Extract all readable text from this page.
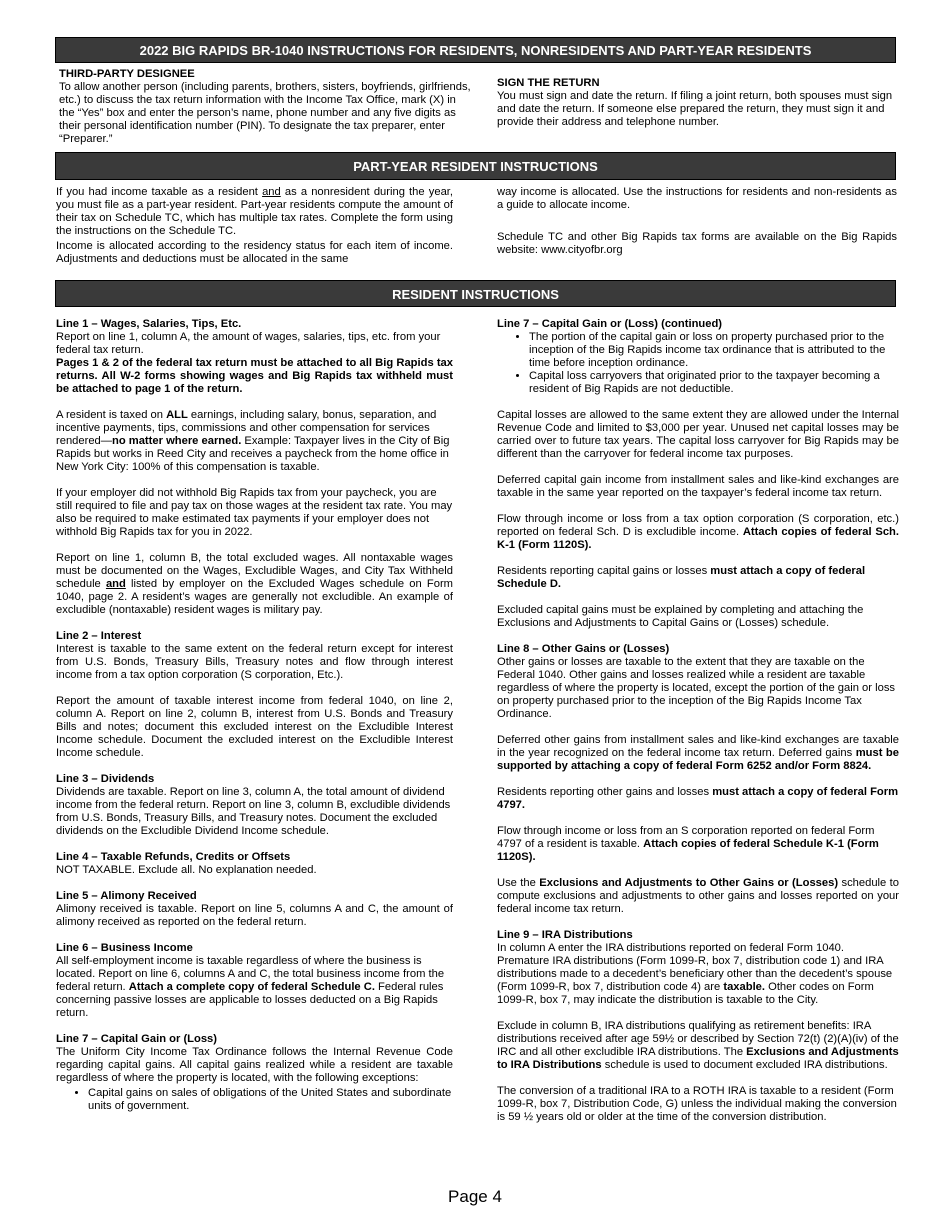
2022 BIG RAPIDS BR-1040 INSTRUCTIONS FOR RESIDENTS, NONRESIDENTS AND PART-YEAR RESIDENTS

THIRD-PARTY DESIGNEE

To allow another person (including parents, brothers, sisters, boyfriends, girlfriends, etc.) to discuss the tax return information with the Income Tax Office, mark (X) in the “Yes” box and enter the person’s name, phone number and any five digits as their personal identification number (PIN). To designate the tax preparer, enter “Preparer.”

SIGN THE RETURN

You must sign and date the return. If filing a joint return, both spouses must sign and date the return. If someone else prepared the return, they must sign it and provide their address and telephone number.

PART-YEAR RESIDENT INSTRUCTIONS

If you had income taxable as a resident and as a nonresident during the year, you must file as a part-year resident. Part-year residents compute the amount of their tax on Schedule TC, which has multiple tax rates. Complete the form using the instructions on the Schedule TC.

Income is allocated according to the residency status for each item of income. Adjustments and deductions must be allocated in the same

way income is allocated. Use the instructions for residents and non-residents as a guide to allocate income.

Schedule TC and other Big Rapids tax forms are available on the Big Rapids website: www.cityofbr.org

RESIDENT INSTRUCTIONS

Line 1 – Wages, Salaries, Tips, Etc.

Report on line 1, column A, the amount of wages, salaries, tips, etc. from your federal tax return.

Pages 1 & 2 of the federal tax return must be attached to all Big Rapids tax returns. All W-2 forms showing wages and Big Rapids tax withheld must be attached to page 1 of the return.

A resident is taxed on ALL earnings, including salary, bonus, separation, and incentive payments, tips, commissions and other compensation for services rendered—no matter where earned. Example: Taxpayer lives in the City of Big Rapids but works in Reed City and receives a paycheck from the home office in New York City: 100% of this compensation is taxable.

If your employer did not withhold Big Rapids tax from your paycheck, you are still required to file and pay tax on those wages at the resident tax rate. You may also be required to make estimated tax payments if your employer does not withhold Big Rapids tax for you in 2022.

Report on line 1, column B, the total excluded wages. All nontaxable wages must be documented on the Wages, Excludible Wages, and City Tax Withheld schedule and listed by employer on the Excluded Wages schedule on Form 1040, page 2. A resident’s wages are generally not excludible. An example of excludible (nontaxable) resident wages is military pay.

Line 2 – Interest

Interest is taxable to the same extent on the federal return except for interest from U.S. Bonds, Treasury Bills, Treasury notes and flow through interest income from a tax option corporation (S corporation, Etc.).

Report the amount of taxable interest income from federal 1040, on line 2, column A. Report on line 2, column B, interest from U.S. Bonds and Treasury Bills and notes; document this excluded interest on the Excludible Interest Income schedule. Document the excluded interest on the Excludible Interest Income schedule.

Line 3 – Dividends

Dividends are taxable. Report on line 3, column A, the total amount of dividend income from the federal return. Report on line 3, column B, excludible dividends from U.S. Bonds, Treasury Bills, and Treasury notes. Document the excluded dividends on the Excludible Dividend Income schedule.

Line 4 – Taxable Refunds, Credits or Offsets

NOT TAXABLE. Exclude all. No explanation needed.

Line 5 – Alimony Received

Alimony received is taxable. Report on line 5, columns A and C, the amount of alimony received as reported on the federal return.

Line 6 – Business Income

All self-employment income is taxable regardless of where the business is located. Report on line 6, columns A and C, the total business income from the federal return. Attach a complete copy of federal Schedule C. Federal rules concerning passive losses are applicable to losses deducted on a Big Rapids return.

Line 7 – Capital Gain or (Loss)

The Uniform City Income Tax Ordinance follows the Internal Revenue Code regarding capital gains. All capital gains realized while a resident are taxable regardless of where the property is located, with the following exceptions:

• Capital gains on sales of obligations of the United States and subordinate units of government.

Line 7 – Capital Gain or (Loss) (continued)

• The portion of the capital gain or loss on property purchased prior to the inception of the Big Rapids income tax ordinance that is attributed to the time before inception ordinance.
• Capital loss carryovers that originated prior to the taxpayer becoming a resident of Big Rapids are not deductible.

Capital losses are allowed to the same extent they are allowed under the Internal Revenue Code and limited to $3,000 per year. Unused net capital losses may be carried over to future tax years. The capital loss carryover for Big Rapids may be different than the carryover for federal income tax purposes.

Deferred capital gain income from installment sales and like-kind exchanges are taxable in the same year reported on the taxpayer’s federal income tax return.

Flow through income or loss from a tax option corporation (S corporation, etc.) reported on federal Sch. D is excludible income. Attach copies of federal Sch. K-1 (Form 1120S).

Residents reporting capital gains or losses must attach a copy of federal Schedule D.

Excluded capital gains must be explained by completing and attaching the Exclusions and Adjustments to Capital Gains or (Losses) schedule.

Line 8 – Other Gains or (Losses)

Other gains or losses are taxable to the extent that they are taxable on the Federal 1040. Other gains and losses realized while a resident are taxable regardless of where the property is located, except the portion of the gain or loss on property purchased prior to the inception of the Big Rapids Income Tax Ordinance.

Deferred other gains from installment sales and like-kind exchanges are taxable in the year recognized on the federal income tax return. Deferred gains must be supported by attaching a copy of federal Form 6252 and/or Form 8824.

Residents reporting other gains and losses must attach a copy of federal Form 4797.

Flow through income or loss from an S corporation reported on federal Form 4797 of a resident is taxable. Attach copies of federal Schedule K-1 (Form 1120S).

Use the Exclusions and Adjustments to Other Gains or (Losses) schedule to compute exclusions and adjustments to other gains and losses reported on your federal income tax return.

Line 9 – IRA Distributions

In column A enter the IRA distributions reported on federal Form 1040. Premature IRA distributions (Form 1099-R, box 7, distribution code 1) and IRA distributions made to a decedent’s beneficiary other than the decedent’s spouse (Form 1099-R, box 7, distribution code 4) are taxable. Other codes on Form 1099-R, box 7, may indicate the distribution is taxable to the City.

Exclude in column B, IRA distributions qualifying as retirement benefits: IRA distributions received after age 59½ or described by Section 72(t) (2)(A)(iv) of the IRC and all other excludible IRA distributions. The Exclusions and Adjustments to IRA Distributions schedule is used to document excluded IRA distributions.

The conversion of a traditional IRA to a ROTH IRA is taxable to a resident (Form 1099-R, box 7, Distribution Code, G) unless the individual making the conversion is 59 ½ years old or older at the time of the conversion distribution.

Page 4
